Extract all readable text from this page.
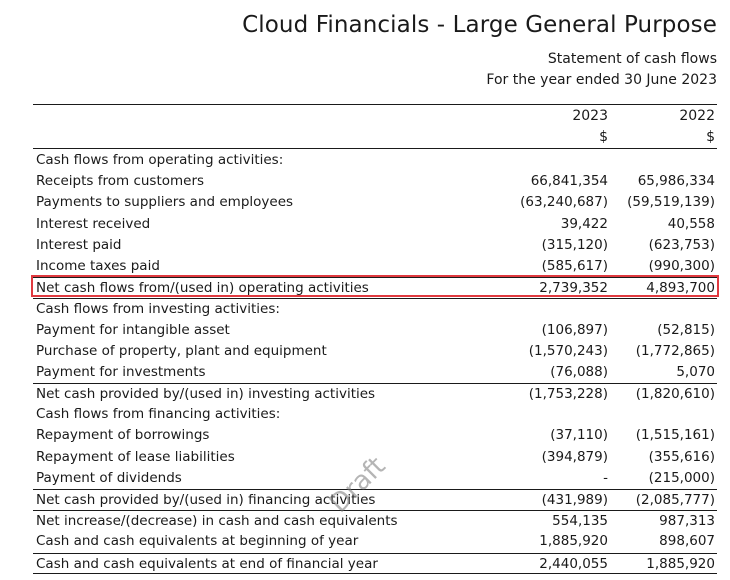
Cloud Financials - Large General Purpose
Statement of cash flows
For the year ended 30 June 2023
2023	2022
$	$
Cash flows from operating activities:
Receipts from customers	66,841,354 65,986,334
Payments to suppliers and employees	(63,240,687) (59,519,139)
Interest received	39,422	40,558
Interest paid	(315,120)	(623,753)
Income taxes paid	(585,617)	(990,300)
Net cash flows from/(used in) operating activities	2,739,352	4,893,700
Cash flows from investing activities:
Payment for intangible asset	(106,897)	(52,815)
Purchase of property, plant and equipment	(1,570,243) (1,772,865)
Payment for investments	(76,088)	5,070
Net cash provided by/(used in) investing activities	(1,753,228) (1,820,610)
Cash flows from financing activities:
Repayment of borrowings	(37,110) (1,515,161)
Repayment of lease liabilities	(394,879)	(355,616)
Payment of dividends	-	(215,000)
Net cash provided by/(used in) financing activities	(431,989) (2,085,777)
Net increase/(decrease) in cash and cash equivalents	554,135	987,313
Cash and cash equivalents at beginning of year	1,885,920	898,607
Cash and cash equivalents at end of financial year	2,440,055	1,885,920
Draft
